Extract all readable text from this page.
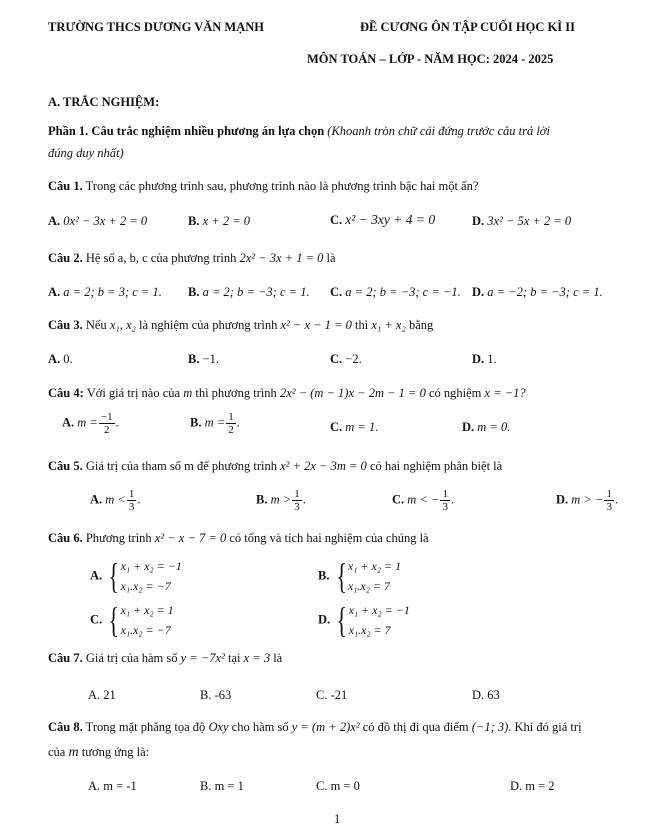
TRƯỜNG THCS DƯƠNG VĂN MẠNH	ĐỀ CƯƠNG ÔN TẬP CUỐI HỌC KÌ II
MÔN TOÁN – LỚP - NĂM HỌC: 2024 - 2025
A. TRẮC NGHIỆM:
Phần 1. Câu trắc nghiệm nhiều phương án lựa chọn (Khoanh tròn chữ cái đứng trước câu trả lời
đúng duy nhất)
Câu 1. Trong các phương trình sau, phương trình nào là phương trình bậc hai một ẩn?
A. 0x² − 3x + 2 = 0	B. x + 2 = 0	C. x² − 3xy + 4 = 0	D. 3x² − 5x + 2 = 0
Câu 2. Hệ số a, b, c của phương trình 2x² − 3x + 1 = 0 là
A. a = 2; b = 3; c = 1. B. a = 2; b = −3; c = 1. C. a = 2; b = −3; c = −1. D. a = −2; b = −3; c = 1.
Câu 3. Nếu x₁, x₂ là nghiệm của phương trình x² − x − 1 = 0 thì x₁ + x₂ bằng
A. 0.	B. −1.	C. −2.	D. 1.
Câu 4: Với giá trị nào của m thì phương trình 2x² − (m − 1)x − 2m − 1 = 0 có nghiệm x = −1?
A. $m = \frac{-1}{2}$ .	B. $m = \frac{1}{2}$ .	C. m = 1.	D. m = 0.
Câu 5. Giá trị của tham số m để phương trình x² + 2x − 3m = 0 có hai nghiệm phân biệt là
A. $m < \frac{1}{3}$ .	B. $m > \frac{1}{3}$ .	C. m < − $\frac{1}{3}$ .	D. m > − $\frac{1}{3}$ .
Câu 6. Phương trình x² − x − 7 = 0 có tổng và tích hai nghiệm của chúng là
A. { x₁ + x₂ = −1
x₁.x₂ = −7
B. { x₁ + x₂ = 1
x₁.x₂ = 7
C. { x₁ + x₂ = 1
x₁.x₂ = −7
D. { x₁ + x₂ = −1
x₁.x₂ = 7
Câu 7. Giá trị của hàm số y = −7x² tại x = 3 là
A. 21	B. -63	C. -21	D. 63
Câu 8. Trong mặt phẳng tọa độ Oxy cho hàm số y = (m + 2)x² có đồ thị đi qua điểm (−1; 3). Khi đó giá trị
của m tương ứng là:
A. m = -1	B. m = 1	C. m = 0	D. m = 2
1
